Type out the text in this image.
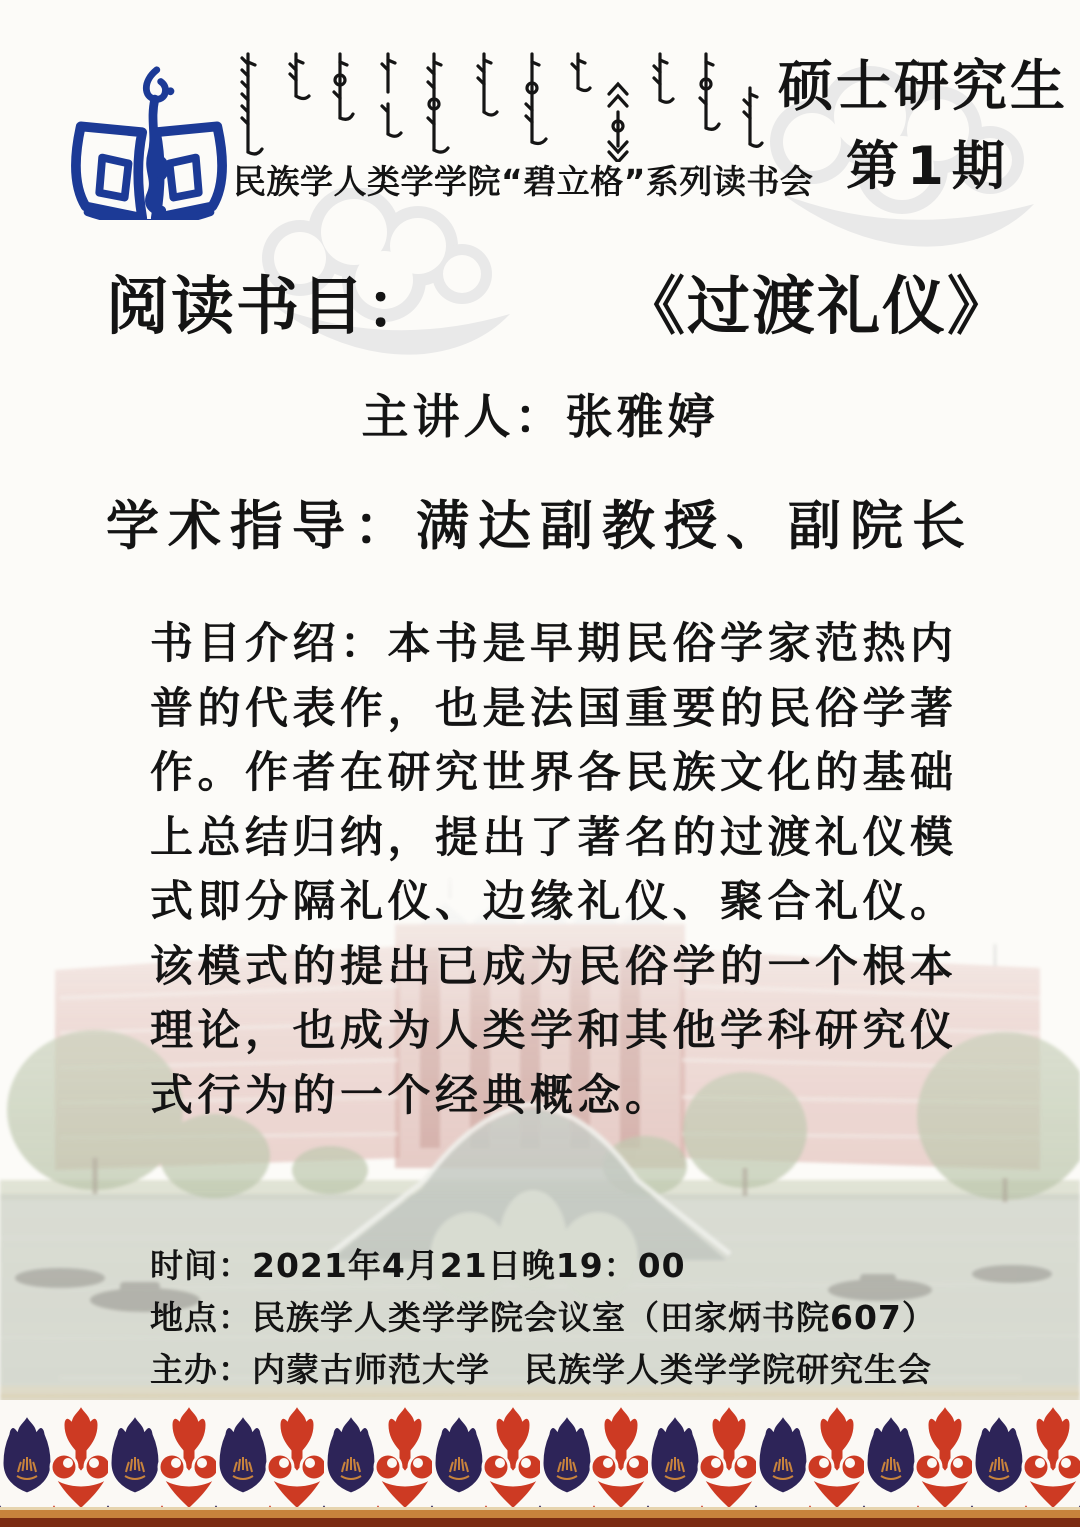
民族学人类学学院“碧立格”系列读书会
硕士研究生
第1期
阅读书目：	《过渡礼仪》
主讲人：张雅婷
学术指导：满达副教授、副院长
书目介绍：本书是早期民俗学家范热内
普的代表作，也是法国重要的民俗学著
作。作者在研究世界各民族文化的基础
上总结归纳，提出了著名的过渡礼仪模
式即分隔礼仪、边缘礼仪、聚合礼仪。
该模式的提出已成为民俗学的一个根本
理论，也成为人类学和其他学科研究仪
式行为的一个经典概念。
时间：2021年4月21日晚19：00
地点：民族学人类学学院会议室（田家炳书院607）
主办：内蒙古师范大学　民族学人类学学院研究生会
